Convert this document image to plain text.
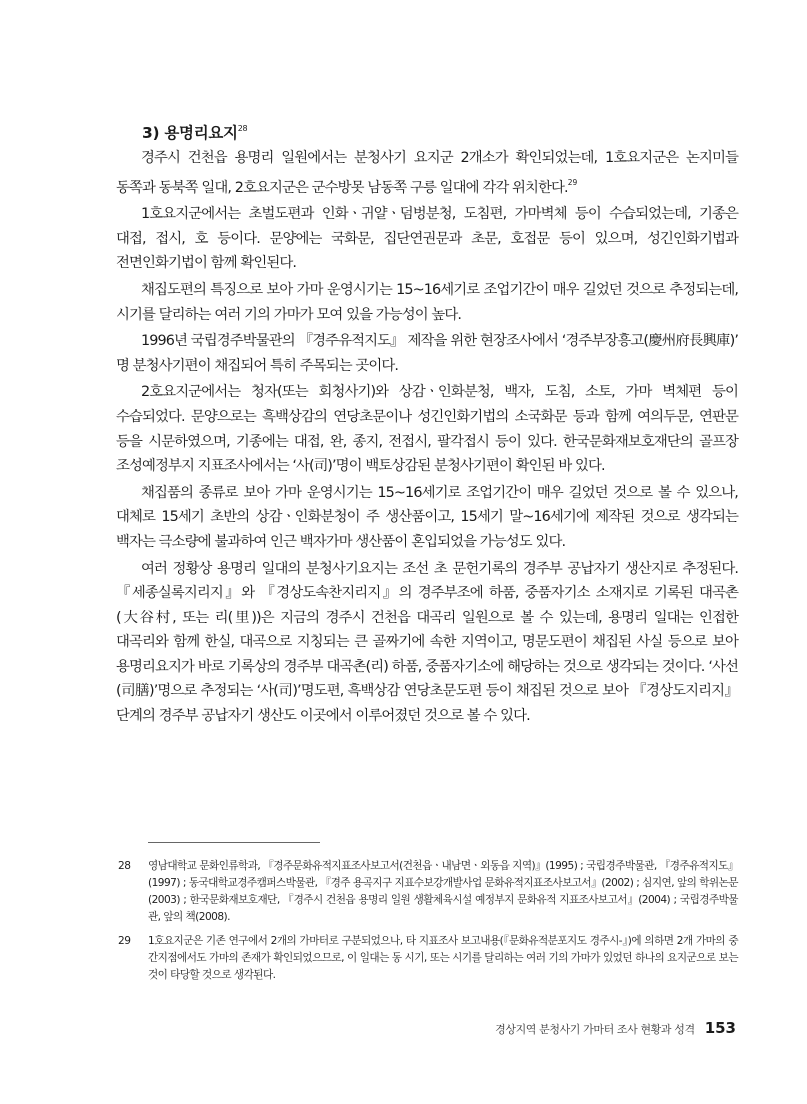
3) 용명리요지$^{28}$

경주시 건천읍 용명리 일원에서는 분청사기 요지군 2개소가 확인되었는데, 1호요지군은 논지미들 동쪽과 동북쪽 일대, 2호요지군은 군수방못 남동쪽 구릉 일대에 각각 위치한다.$^{29}$

1호요지군에서는 초벌도편과 인화ㆍ귀얄ㆍ덤벙분청, 도침편, 가마벽체 등이 수습되었는데, 기종은 대접, 접시, 호 등이다. 문양에는 국화문, 집단연권문과 초문, 호접문 등이 있으며, 성긴인화기법과 전면인화기법이 함께 확인된다.

채집도편의 특징으로 보아 가마 운영시기는 15~16세기로 조업기간이 매우 길었던 것으로 추정되는데, 시기를 달리하는 여러 기의 가마가 모여 있을 가능성이 높다.

1996년 국립경주박물관의 『경주유적지도』 제작을 위한 현장조사에서 ‘경주부장흥고(慶州府長興庫)’ 명 분청사기편이 채집되어 특히 주목되는 곳이다.

2호요지군에서는 청자(또는 회청사기)와 상감ㆍ인화분청, 백자, 도침, 소토, 가마 벽체편 등이 수습되었다. 문양으로는 흑백상감의 연당초문이나 성긴인화기법의 소국화문 등과 함께 여의두문, 연판문 등을 시문하였으며, 기종에는 대접, 완, 종지, 전접시, 팔각접시 등이 있다. 한국문화재보호재단의 골프장 조성예정부지 지표조사에서는 ‘사(司)’명이 백토상감된 분청사기편이 확인된 바 있다.

채집품의 종류로 보아 가마 운영시기는 15~16세기로 조업기간이 매우 길었던 것으로 볼 수 있으나, 대체로 15세기 초반의 상감ㆍ인화분청이 주 생산품이고, 15세기 말~16세기에 제작된 것으로 생각되는 백자는 극소량에 불과하여 인근 백자가마 생산품이 혼입되었을 가능성도 있다.

여러 정황상 용명리 일대의 분청사기요지는 조선 초 문헌기록의 경주부 공납자기 생산지로 추정된다. 『세종실록지리지』와 『경상도속찬지리지』의 경주부조에 하품, 중품자기소 소재지로 기록된 대곡촌(大谷村, 또는 리(里))은 지금의 경주시 건천읍 대곡리 일원으로 볼 수 있는데, 용명리 일대는 인접한 대곡리와 함께 한실, 대곡으로 지칭되는 큰 골짜기에 속한 지역이고, 명문도편이 채집된 사실 등으로 보아 용명리요지가 바로 기록상의 경주부 대곡촌(리) 하품, 중품자기소에 해당하는 것으로 생각되는 것이다. ‘사선(司膳)’명으로 추정되는 ‘사(司)’명도편, 흑백상감 연당초문도편 등이 채집된 것으로 보아 『경상도지리지』단계의 경주부 공납자기 생산도 이곳에서 이루어졌던 것으로 볼 수 있다.

28	영남대학교 문화인류학과, 『경주문화유적지표조사보고서(건천읍ㆍ내남면ㆍ외동읍 지역)』(1995) ; 국립경주박물관, 『경주유적지도』(1997) ; 동국대학교경주캠퍼스박물관, 『경주 용곡지구 지표수보강개발사업 문화유적지표조사보고서』(2002) ; 심지연, 앞의 학위논문(2003) ; 한국문화재보호재단, 『경주시 건천읍 용명리 일원 생활체육시설 예정부지 문화유적 지표조사보고서』(2004) ; 국립경주박물관, 앞의 책(2008).
29	1호요지군은 기존 연구에서 2개의 가마터로 구분되었으나, 타 지표조사 보고내용(『문화유적분포지도 경주시-』)에 의하면 2개 가마의 중간지점에서도 가마의 존재가 확인되었으므로, 이 일대는 동 시기, 또는 시기를 달리하는 여러 기의 가마가 있었던 하나의 요지군으로 보는 것이 타당할 것으로 생각된다.
경상지역 분청사기 가마터 조사 현황과 성격 153
